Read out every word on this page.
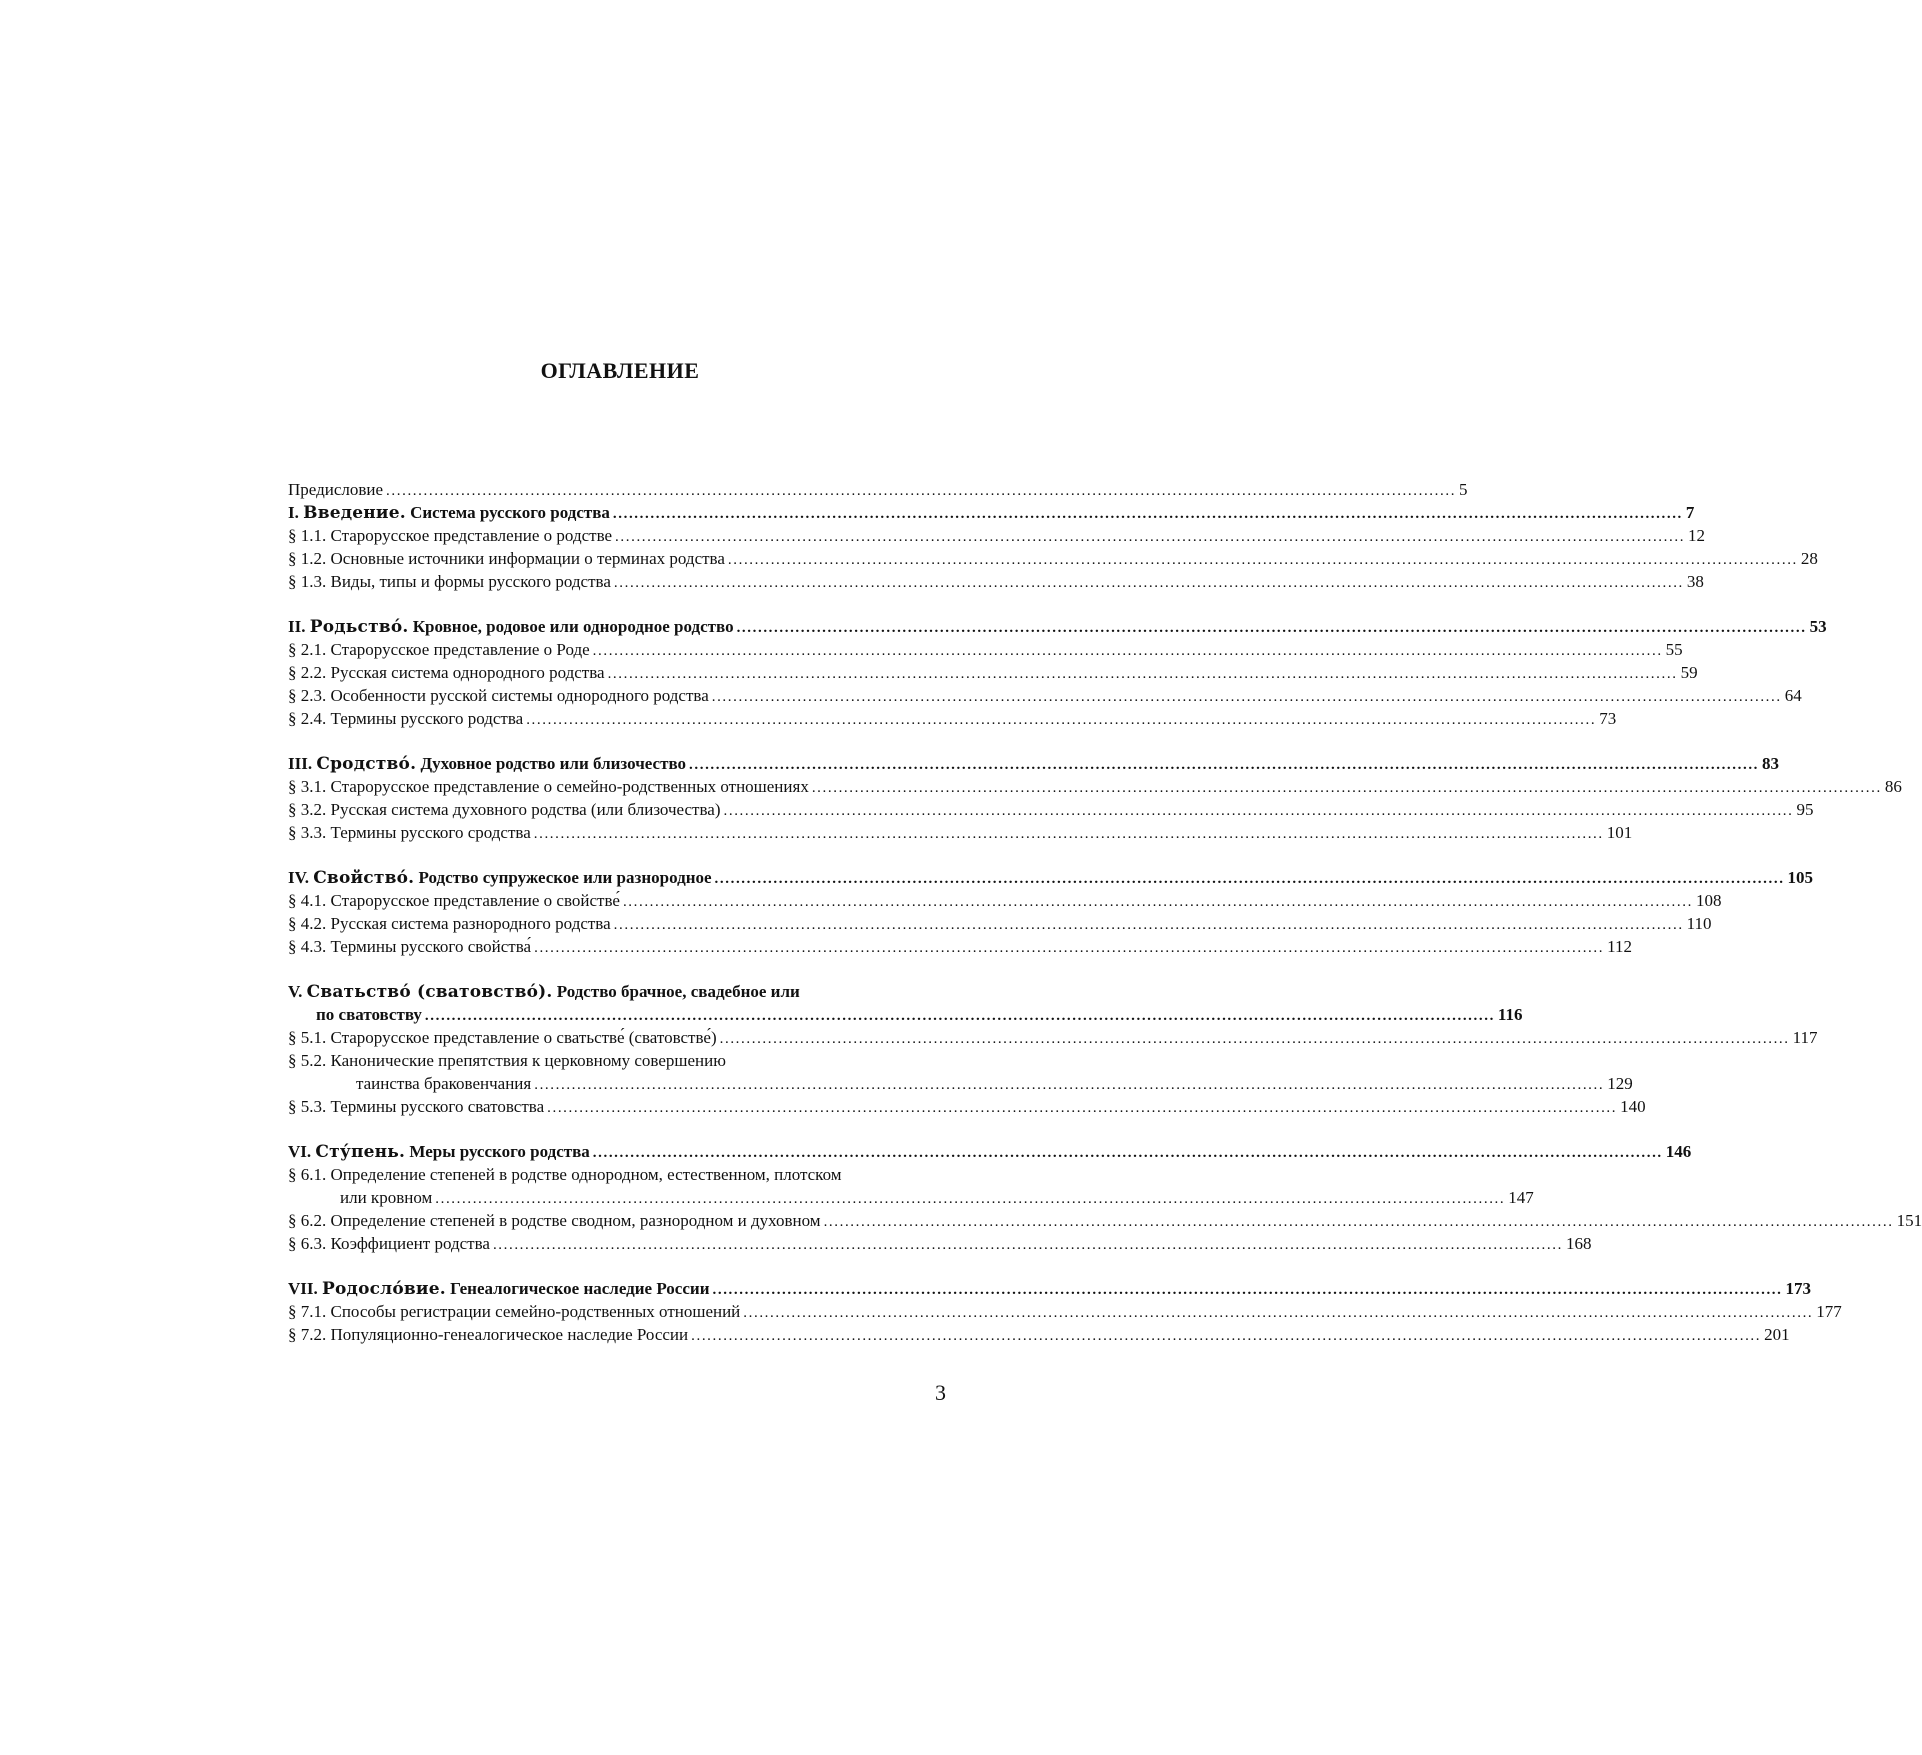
ОГЛАВЛЕНИЕ
Предисловие ........................................................................................................................................................................................................ 5
I. Введение. Система русского родства ........................................................................................................................................................................................................ 7
§ 1.1. Старорусское представление о родстве ........................................................................................................................................................................................................ 12
§ 1.2. Основные источники информации о терминах родства ........................................................................................................................................................................................................ 28
§ 1.3. Виды, типы и формы русского родства ........................................................................................................................................................................................................ 38
II. Родьство́. Кровное, родовое или однородное родство ........................................................................................................................................................................................................ 53
§ 2.1. Старорусское представление о Роде ........................................................................................................................................................................................................ 55
§ 2.2. Русская система однородного родства ........................................................................................................................................................................................................ 59
§ 2.3. Особенности русской системы однородного родства ........................................................................................................................................................................................................ 64
§ 2.4. Термины русского родства ........................................................................................................................................................................................................ 73
III. Сродство́. Духовное родство или близочество ........................................................................................................................................................................................................ 83
§ 3.1. Старорусское представление о семейно-родственных отношениях ........................................................................................................................................................................................................ 86
§ 3.2. Русская система духовного родства (или близочества) ........................................................................................................................................................................................................ 95
§ 3.3. Термины русского сродства ........................................................................................................................................................................................................ 101
IV. Свойство́. Родство супружеское или разнородное ........................................................................................................................................................................................................ 105
§ 4.1. Старорусское представление о свойстве́ ........................................................................................................................................................................................................ 108
§ 4.2. Русская система разнородного родства ........................................................................................................................................................................................................ 110
§ 4.3. Термины русского свойства́ ........................................................................................................................................................................................................ 112
V. Сватьство́ (сватовство́). Родство брачное, свадебное или
по сватовству ........................................................................................................................................................................................................ 116
§ 5.1. Старорусское представление о сватьстве́ (сватовстве́) ........................................................................................................................................................................................................ 117
§ 5.2. Канонические препятствия к церковному совершению
таинства браковенчания ........................................................................................................................................................................................................ 129
§ 5.3. Термины русского сватовства ........................................................................................................................................................................................................ 140
VI. Сту́пень. Меры русского родства ........................................................................................................................................................................................................ 146
§ 6.1. Определение степеней в родстве однородном, естественном, плотском
или кровном ........................................................................................................................................................................................................ 147
§ 6.2. Определение степеней в родстве сводном, разнородном и духовном ........................................................................................................................................................................................................ 151
§ 6.3. Коэффициент родства ........................................................................................................................................................................................................ 168
VII. Родосло́вие. Генеалогическое наследие России ........................................................................................................................................................................................................ 173
§ 7.1. Способы регистрации семейно-родственных отношений ........................................................................................................................................................................................................ 177
§ 7.2. Популяционно-генеалогическое наследие России ........................................................................................................................................................................................................ 201
3
